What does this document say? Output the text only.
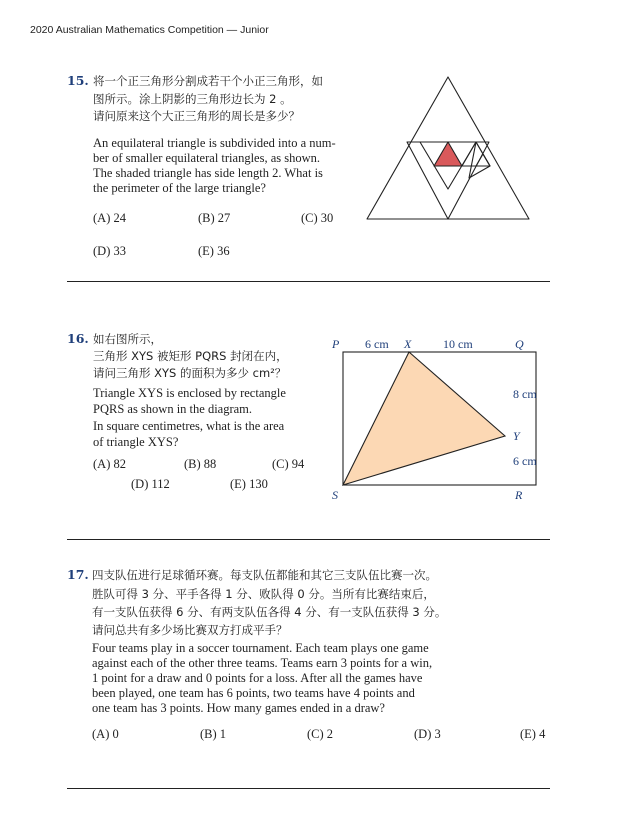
2020 Australian Mathematics Competition — Junior
15. 将一个正三角形分割成若干个小正三角形，如
图所示。涂上阴影的三角形边长为 2 。
请问原来这个大正三角形的周长是多少？
An equilateral triangle is subdivided into a num-
ber of smaller equilateral triangles, as shown.
The shaded triangle has side length 2. What is
the perimeter of the large triangle?
(A) 24	(B) 27	(C) 30
(D) 33	(E) 36
16. 如右图所示，
三角形 XYS 被矩形 PQRS 封闭在内，
请问三角形 XYS 的面积为多少 cm²？
Triangle XYS is enclosed by rectangle
PQRS as shown in the diagram.
In square centimetres, what is the area
of triangle XYS?
(A) 82	(B) 88	(C) 94
(D) 112	(E) 130
P 6 cm X	10 cm	Q
8 cm
Y
6 cm
S	R
17. 四支队伍进行足球循环赛。每支队伍都能和其它三支队伍比赛一次。
胜队可得 3 分、平手各得 1 分、败队得 0 分。当所有比赛结束后，
有一支队伍获得 6 分、有两支队伍各得 4 分、有一支队伍获得 3 分。
请问总共有多少场比赛双方打成平手？
Four teams play in a soccer tournament. Each team plays one game
against each of the other three teams. Teams earn 3 points for a win,
1 point for a draw and 0 points for a loss. After all the games have
been played, one team has 6 points, two teams have 4 points and
one team has 3 points. How many games ended in a draw?
(A) 0	(B) 1	(C) 2	(D) 3	(E) 4
